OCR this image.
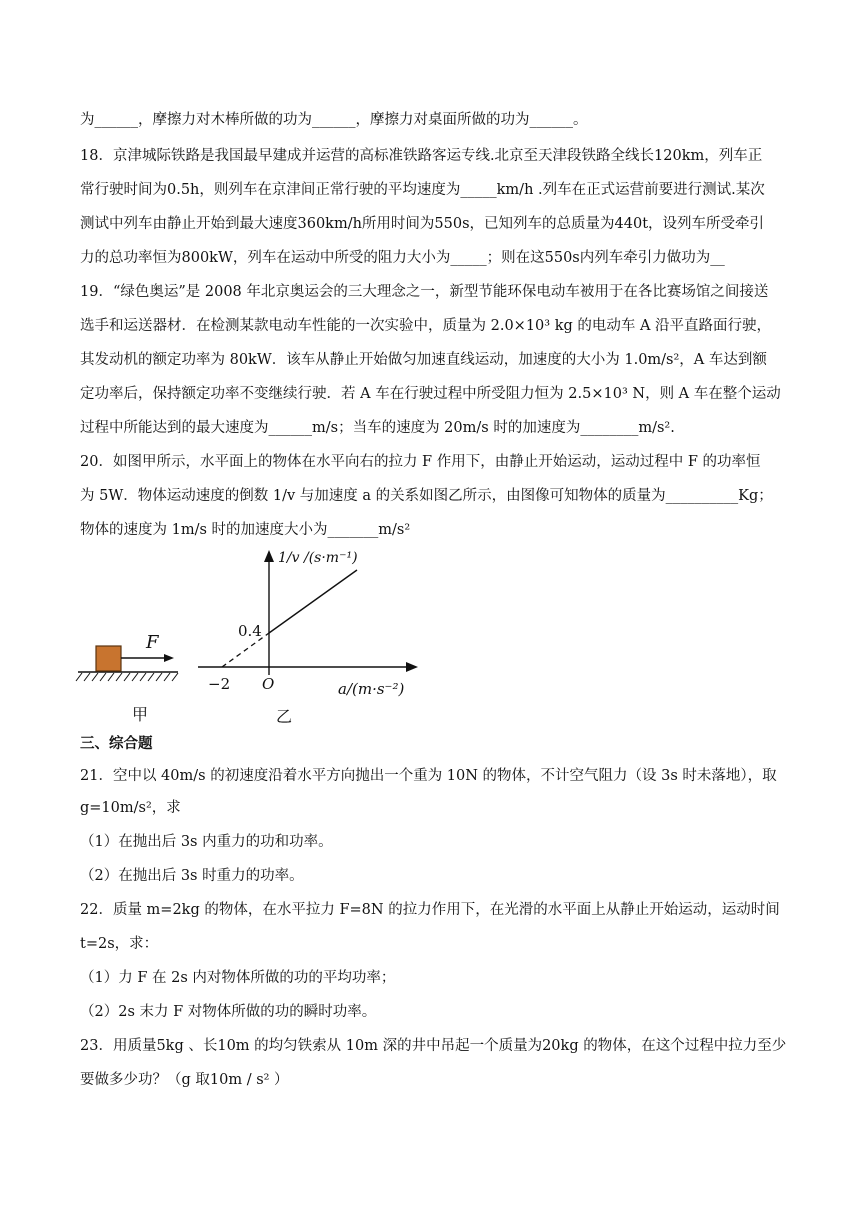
为______，摩擦力对木棒所做的功为______，摩擦力对桌面所做的功为______。
18．京津城际铁路是我国最早建成并运营的高标准铁路客运专线.北京至天津段铁路全线长120km，列车正
常行驶时间为0.5h，则列车在京津间正常行驶的平均速度为_____km/h .列车在正式运营前要进行测试.某次
测试中列车由静止开始到最大速度360km/h所用时间为550s，已知列车的总质量为440t，设列车所受牵引
力的总功率恒为800kW，列车在运动中所受的阻力大小为_____；则在这550s内列车牵引力做功为__
19．“绿色奥运”是 2008 年北京奥运会的三大理念之一，新型节能环保电动车被用于在各比赛场馆之间接送
选手和运送器材．在检测某款电动车性能的一次实验中，质量为 2.0×10³ kg 的电动车 A 沿平直路面行驶，
其发动机的额定功率为 80kW．该车从静止开始做匀加速直线运动，加速度的大小为 1.0m/s²，A 车达到额
定功率后，保持额定功率不变继续行驶．若 A 车在行驶过程中所受阻力恒为 2.5×10³ N，则 A 车在整个运动
过程中所能达到的最大速度为______m/s；当车的速度为 20m/s 时的加速度为________m/s².
20．如图甲所示，水平面上的物体在水平向右的拉力 F 作用下，由静止开始运动，运动过程中 F 的功率恒
为 5W．物体运动速度的倒数 1/v 与加速度 a 的关系如图乙所示，由图像可知物体的质量为__________Kg；
物体的速度为 1m/s 时的加速度大小为_______m/s²
F
甲
1/v /(s·m⁻¹)
0.4
−2 O	a/(m·s⁻²)
乙
三、综合题
21．空中以 40m/s 的初速度沿着水平方向抛出一个重为 10N 的物体，不计空气阻力（设 3s 时未落地），取
g=10m/s²，求
（1）在抛出后 3s 内重力的功和功率。
（2）在抛出后 3s 时重力的功率。
22．质量 m=2kg 的物体，在水平拉力 F=8N 的拉力作用下，在光滑的水平面上从静止开始运动，运动时间
t=2s，求：
（1）力 F 在 2s 内对物体所做的功的平均功率；
（2）2s 末力 F 对物体所做的功的瞬时功率。
23．用质量5kg 、长10m 的均匀铁索从 10m 深的井中吊起一个质量为20kg 的物体，在这个过程中拉力至少
要做多少功？（g 取10m / s² ）
